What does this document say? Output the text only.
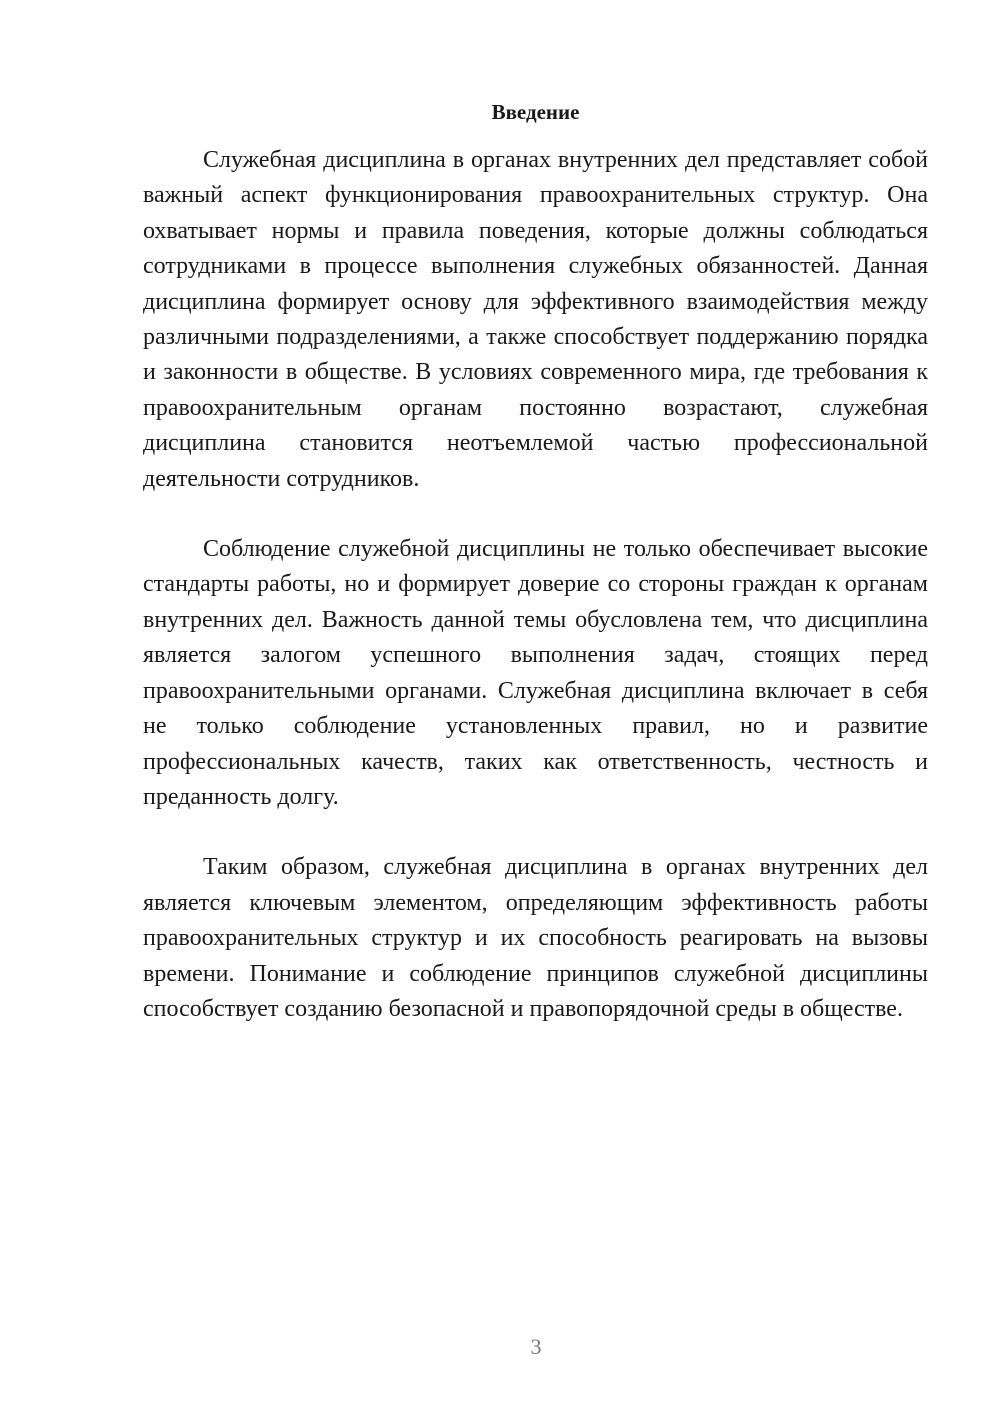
Введение

Служебная дисциплина в органах внутренних дел представляет собой важный аспект функционирования правоохранительных структур. Она охватывает нормы и правила поведения, которые должны соблюдаться сотрудниками в процессе выполнения служебных обязанностей. Данная дисциплина формирует основу для эффективного взаимодействия между различными подразделениями, а также способствует поддержанию порядка и законности в обществе. В условиях современного мира, где требования к правоохранительным органам постоянно возрастают, служебная дисциплина становится неотъемлемой частью профессиональной деятельности сотрудников.

Соблюдение служебной дисциплины не только обеспечивает высокие стандарты работы, но и формирует доверие со стороны граждан к органам внутренних дел. Важность данной темы обусловлена тем, что дисциплина является залогом успешного выполнения задач, стоящих перед правоохранительными органами. Служебная дисциплина включает в себя не только соблюдение установленных правил, но и развитие профессиональных качеств, таких как ответственность, честность и преданность долгу.

Таким образом, служебная дисциплина в органах внутренних дел является ключевым элементом, определяющим эффективность работы правоохранительных структур и их способность реагировать на вызовы времени. Понимание и соблюдение принципов служебной дисциплины способствует созданию безопасной и правопорядочной среды в обществе.

3
